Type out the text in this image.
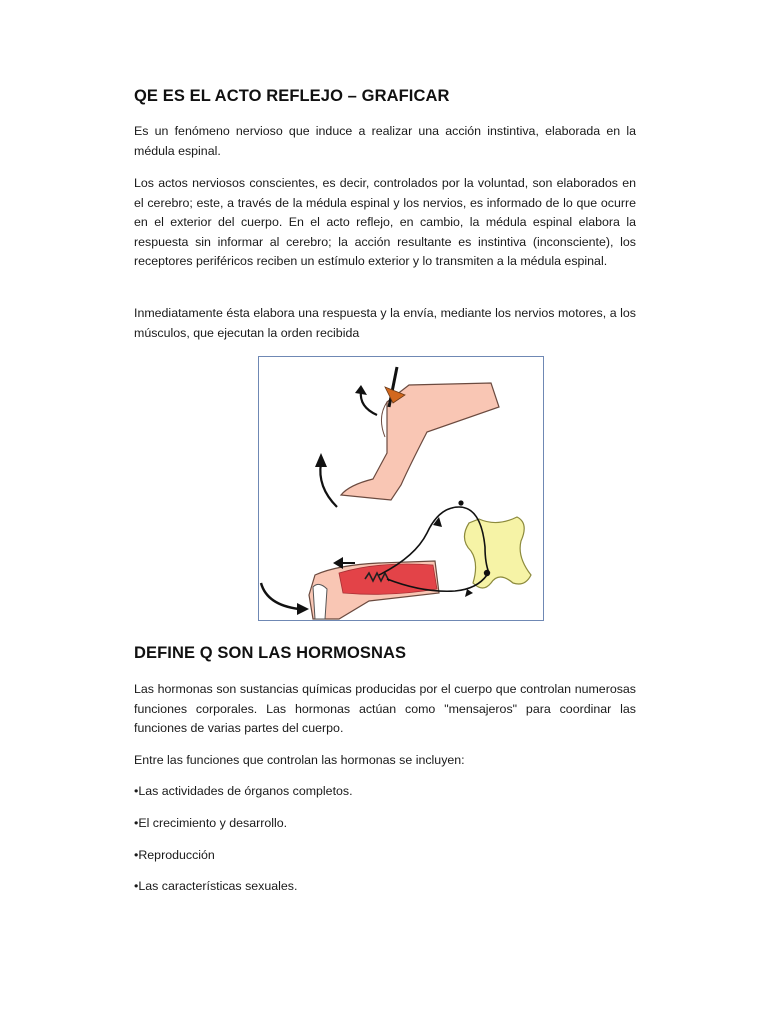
QE ES EL ACTO REFLEJO – GRAFICAR

Es un fenómeno nervioso que induce a realizar una acción instintiva, elaborada en la médula espinal.

Los actos nerviosos conscientes, es decir, controlados por la voluntad, son elaborados en el cerebro; este, a través de la médula espinal y los nervios, es informado de lo que ocurre en el exterior del cuerpo. En el acto reflejo, en cambio, la médula espinal elabora la respuesta sin informar al cerebro; la acción resultante es instintiva (inconsciente), los receptores periféricos reciben un estímulo exterior y lo transmiten a la médula espinal.

Inmediatamente ésta elabora una respuesta y la envía, mediante los nervios motores, a los músculos, que ejecutan la orden recibida

DEFINE Q SON LAS HORMOSNAS

Las hormonas son sustancias químicas producidas por el cuerpo que controlan numerosas funciones corporales. Las hormonas actúan como "mensajeros" para coordinar las funciones de varias partes del cuerpo.

Entre las funciones que controlan las hormonas se incluyen:

•Las actividades de órganos completos.

•El crecimiento y desarrollo.

•Reproducción

•Las características sexuales.
